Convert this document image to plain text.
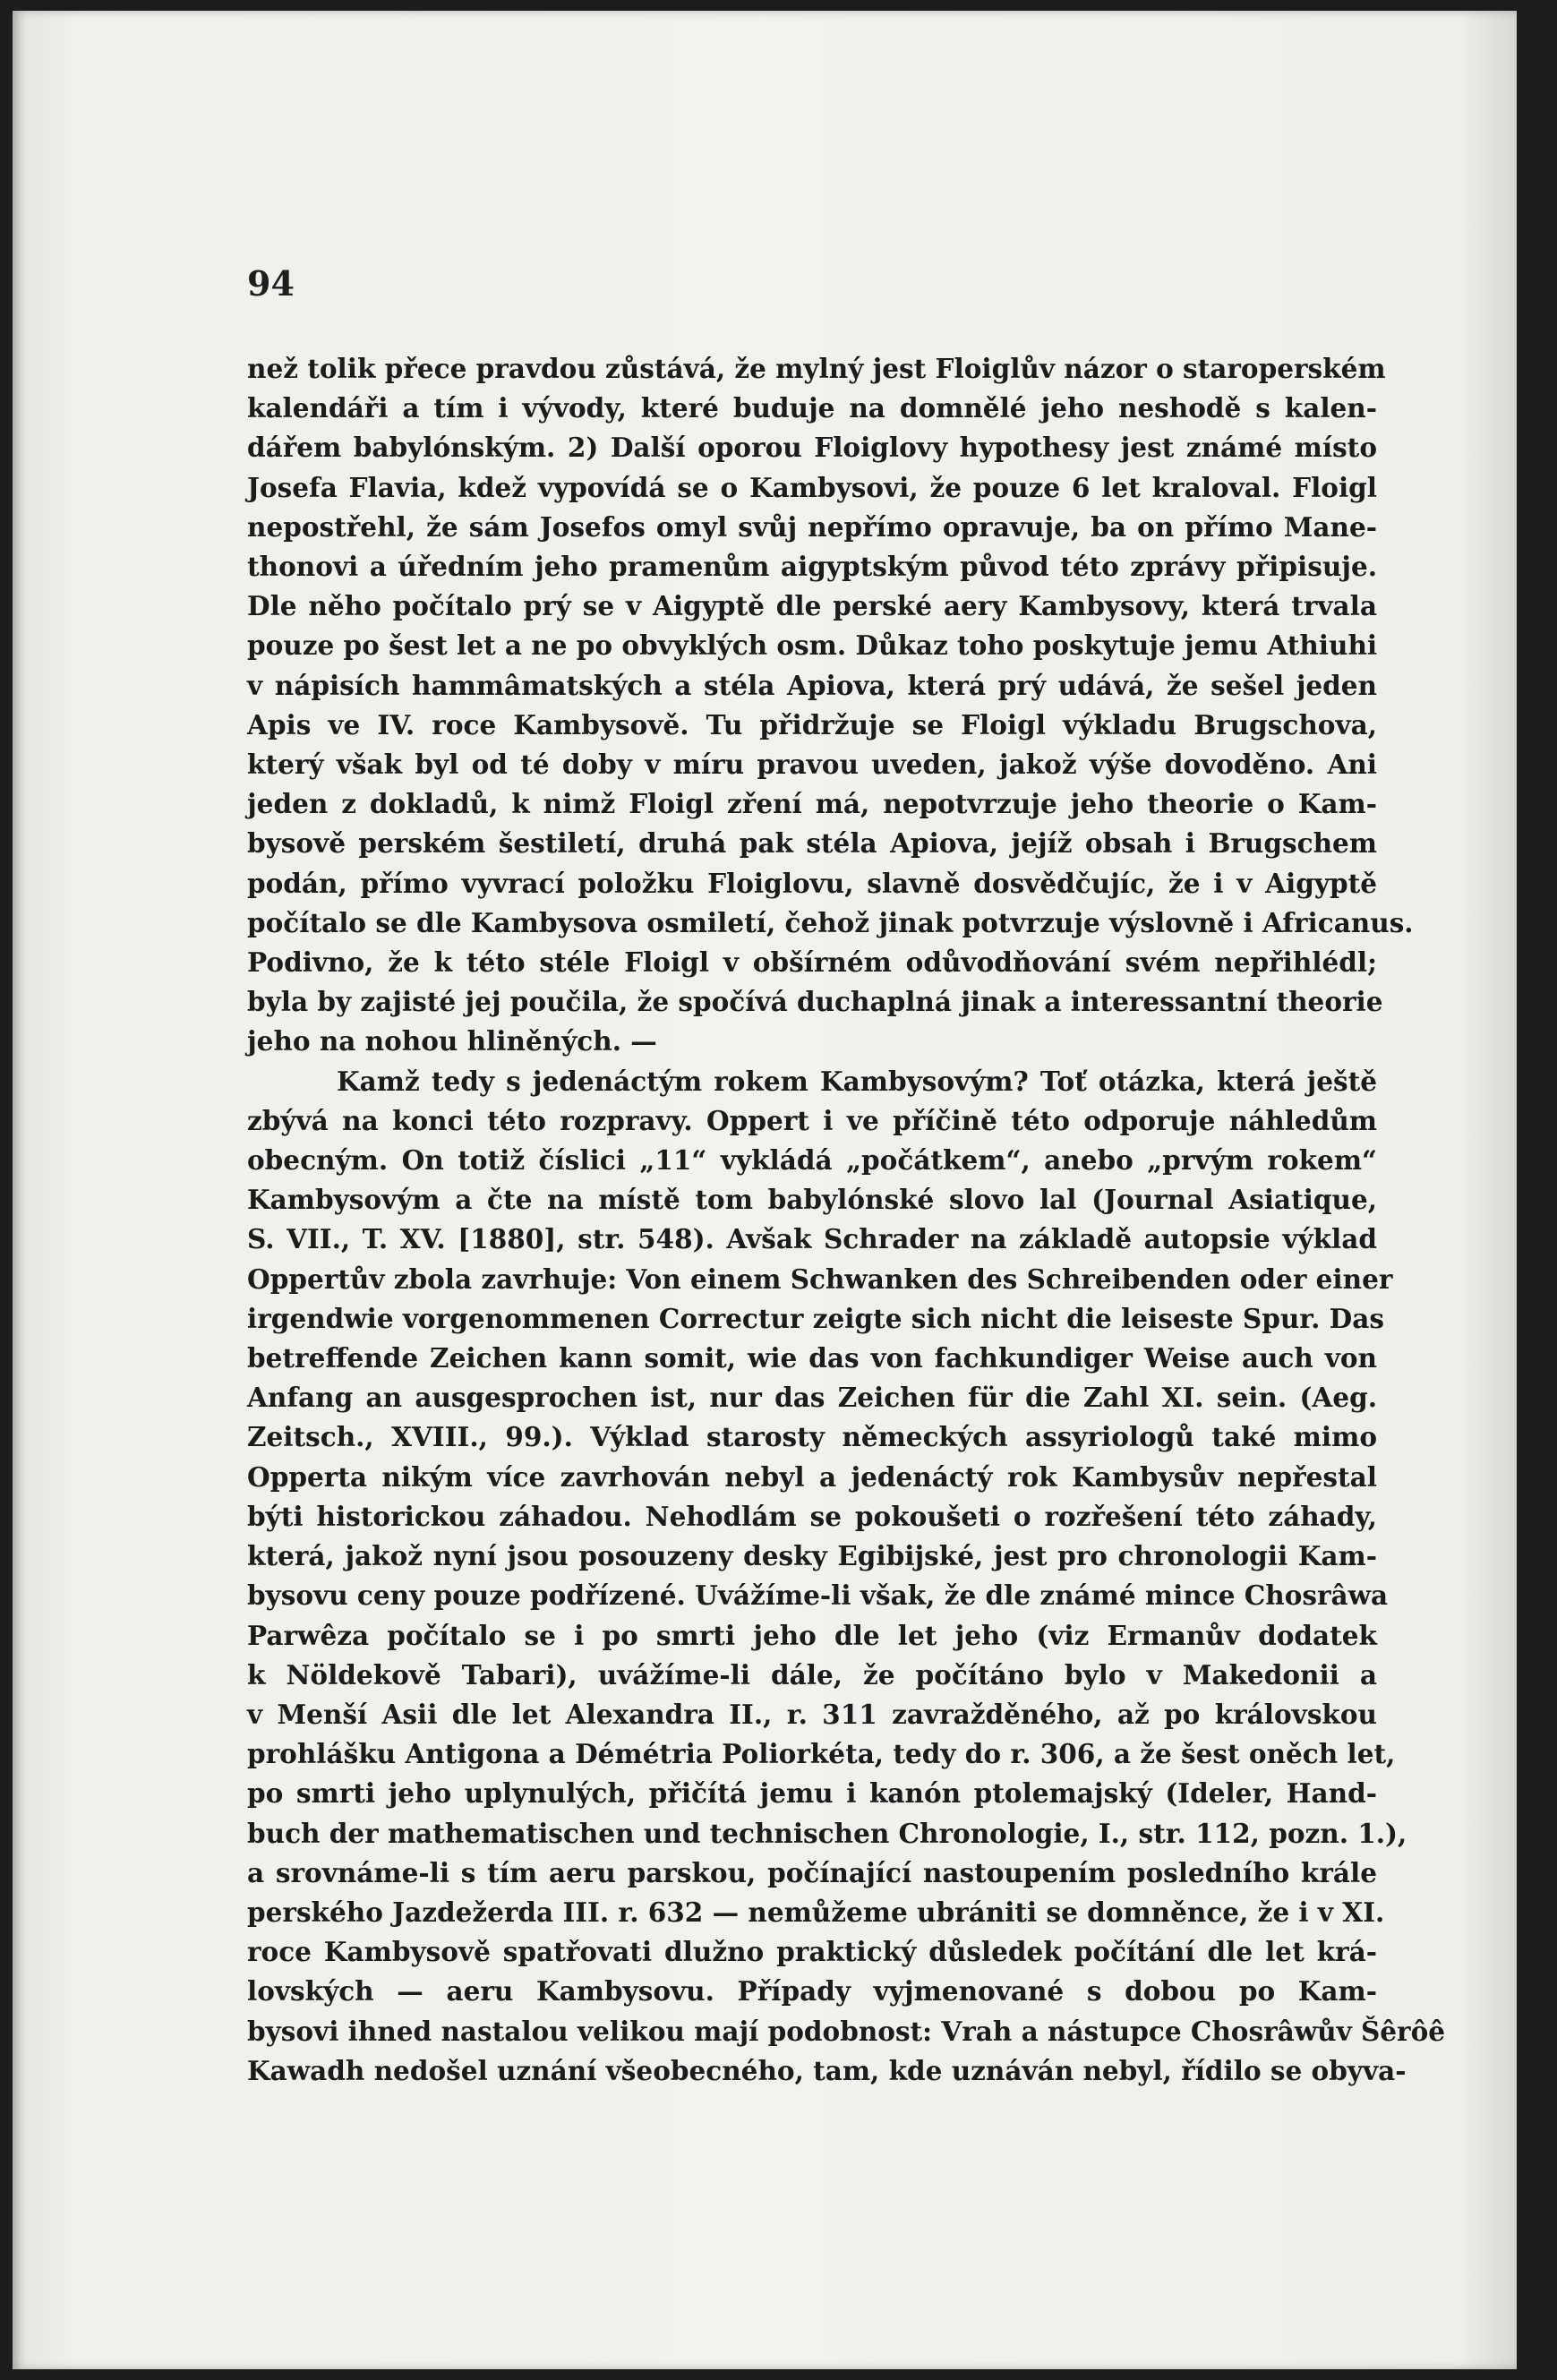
94

než tolik přece pravdou zůstává, že mylný jest Floiglův názor o staroperském

kalendáři a tím i vývody, které buduje na domnělé jeho neshodě s kalen-

dářem babylónským. 2) Další oporou Floiglovy hypothesy jest známé místo

Josefa Flavia, kdež vypovídá se o Kambysovi, že pouze 6 let kraloval. Floigl

nepostřehl, že sám Josefos omyl svůj nepřímo opravuje, ba on přímo Mane-

thonovi a úředním jeho pramenům aigyptským původ této zprávy připisuje.

Dle něho počítalo prý se v Aigyptě dle perské aery Kambysovy, která trvala

pouze po šest let a ne po obvyklých osm. Důkaz toho poskytuje jemu Athiuhi

v nápisích hammâmatských a stéla Apiova, která prý udává, že sešel jeden

Apis ve IV. roce Kambysově. Tu přidržuje se Floigl výkladu Brugschova,

který však byl od té doby v míru pravou uveden, jakož výše dovoděno. Ani

jeden z dokladů, k nimž Floigl zření má, nepotvrzuje jeho theorie o Kam-

bysově perském šestiletí, druhá pak stéla Apiova, jejíž obsah i Brugschem

podán, přímo vyvrací položku Floiglovu, slavně dosvědčujíc, že i v Aigyptě

počítalo se dle Kambysova osmiletí, čehož jinak potvrzuje výslovně i Africanus.

Podivno, že k této stéle Floigl v obšírném odůvodňování svém nepřihlédl;

byla by zajisté jej poučila, že spočívá duchaplná jinak a interessantní theorie

jeho na nohou hliněných. —

Kamž tedy s jedenáctým rokem Kambysovým? Toť otázka, která ještě

zbývá na konci této rozpravy. Oppert i ve příčině této odporuje náhledům

obecným. On totiž číslici „11“ vykládá „počátkem“, anebo „prvým rokem“

Kambysovým a čte na místě tom babylónské slovo lal (Journal Asiatique,

S. VII., T. XV. [1880], str. 548). Avšak Schrader na základě autopsie výklad

Oppertův zbola zavrhuje: Von einem Schwanken des Schreibenden oder einer

irgendwie vorgenommenen Correctur zeigte sich nicht die leiseste Spur. Das

betreffende Zeichen kann somit, wie das von fachkundiger Weise auch von

Anfang an ausgesprochen ist, nur das Zeichen für die Zahl XI. sein. (Aeg.

Zeitsch., XVIII., 99.). Výklad starosty německých assyriologů také mimo

Opperta nikým více zavrhován nebyl a jedenáctý rok Kambysův nepřestal

býti historickou záhadou. Nehodlám se pokoušeti o rozřešení této záhady,

která, jakož nyní jsou posouzeny desky Egibijské, jest pro chronologii Kam-

bysovu ceny pouze podřízené. Uvážíme-li však, že dle známé mince Chosrâwa

Parwêza počítalo se i po smrti jeho dle let jeho (viz Ermanův dodatek

k Nöldekově Tabari), uvážíme-li dále, že počítáno bylo v Makedonii a

v Menší Asii dle let Alexandra II., r. 311 zavražděného, až po královskou

prohlášku Antigona a Démétria Poliorkéta, tedy do r. 306, a že šest oněch let,

po smrti jeho uplynulých, přičítá jemu i kanón ptolemajský (Ideler, Hand-

buch der mathematischen und technischen Chronologie, I., str. 112, pozn. 1.),

a srovnáme-li s tím aeru parskou, počínající nastoupením posledního krále

perského Jazdežerda III. r. 632 — nemůžeme ubrániti se domněnce, že i v XI.

roce Kambysově spatřovati dlužno praktický důsledek počítání dle let krá-

lovských — aeru Kambysovu. Případy vyjmenované s dobou po Kam-

bysovi ihned nastalou velikou mají podobnost: Vrah a nástupce Chosrâwův Šêrôê

Kawadh nedošel uznání všeobecného, tam, kde uznáván nebyl, řídilo se obyva-
